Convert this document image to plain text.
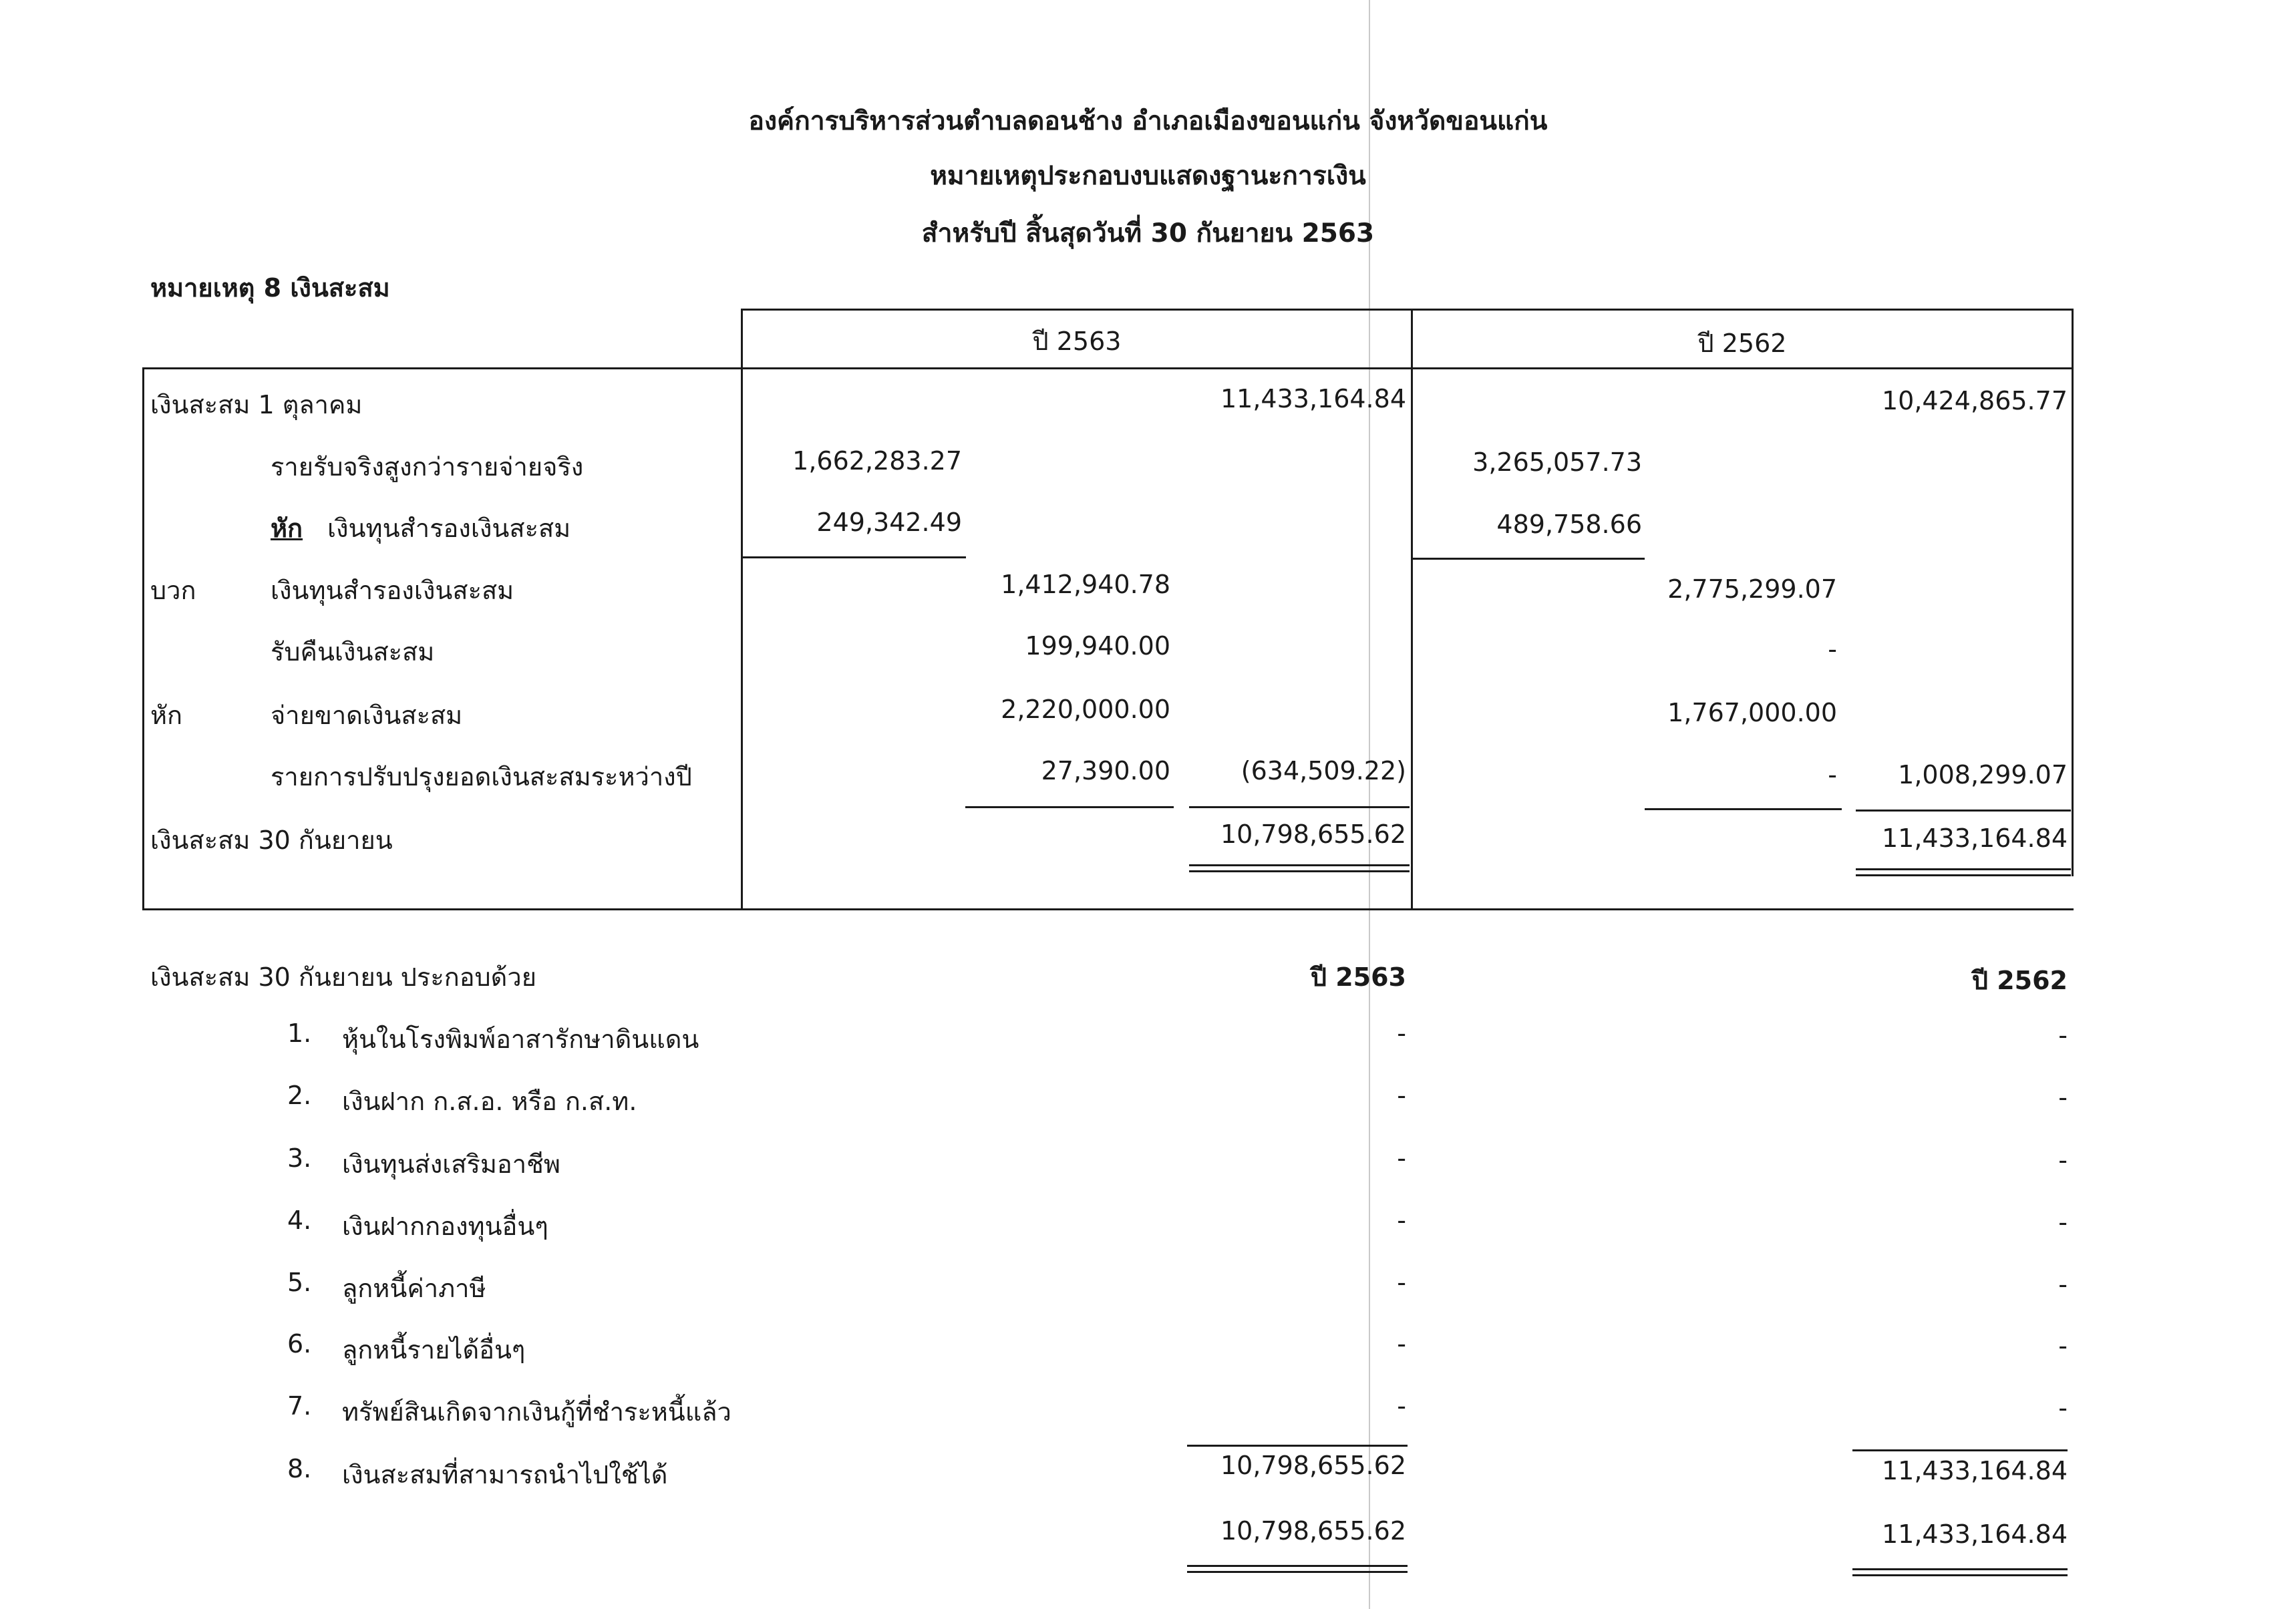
องค์การบริหารส่วนตำบลดอนช้าง อำเภอเมืองขอนแก่น จังหวัดขอนแก่น
หมายเหตุประกอบงบแสดงฐานะการเงิน
สำหรับปี สิ้นสุดวันที่ 30 กันยายน 2563
หมายเหตุ 8 เงินสะสม
ปี 2563	ปี 2562
เงินสะสม 1 ตุลาคม	11,433,164.84	10,424,865.77
รายรับจริงสูงกว่ารายจ่ายจริง	1,662,283.27	3,265,057.73
หัก เงินทุนสำรองเงินสะสม	249,342.49	489,758.66
บวก	เงินทุนสำรองเงินสะสม	1,412,940.78	2,775,299.07
รับคืนเงินสะสม	199,940.00	-
หัก	จ่ายขาดเงินสะสม	2,220,000.00	1,767,000.00
รายการปรับปรุงยอดเงินสะสมระหว่างปี	27,390.00	(634,509.22)	-	1,008,299.07
เงินสะสม 30 กันยายน	10,798,655.62	11,433,164.84
เงินสะสม 30 กันยายน ประกอบด้วย	ปี 2563	ปี 2562
1. หุ้นในโรงพิมพ์อาสารักษาดินแดน	-	-
2. เงินฝาก ก.ส.อ. หรือ ก.ส.ท.	-	-
3. เงินทุนส่งเสริมอาชีพ	-	-
4. เงินฝากกองทุนอื่นๆ	-	-
5. ลูกหนี้ค่าภาษี	-	-
6. ลูกหนี้รายได้อื่นๆ	-	-
7. ทรัพย์สินเกิดจากเงินกู้ที่ชำระหนี้แล้ว	-	-
8. เงินสะสมที่สามารถนำไปใช้ได้	10,798,655.62	11,433,164.84
10,798,655.62	11,433,164.84
